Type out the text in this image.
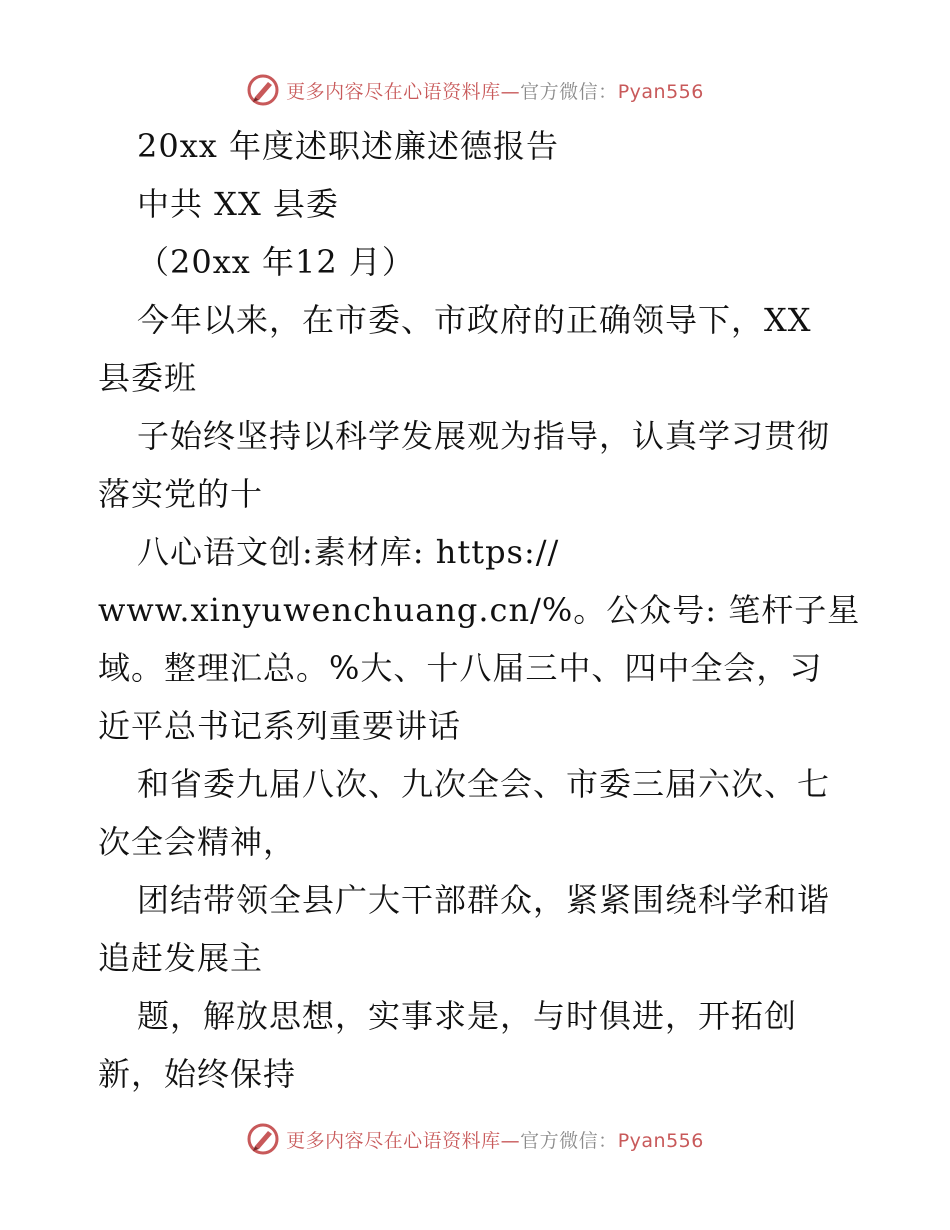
更多内容尽在心语资料库—官方微信：Pyan556
20xx 年度述职述廉述德报告
中共 XX 县委
（20xx 年12 月）
今年以来，在市委、市政府的正确领导下，XX
县委班
子始终坚持以科学发展观为指导，认真学习贯彻
落实党的十
八心语文创:素材库: https://
www.xinyuwenchuang.cn/%。公众号: 笔杆子星
域。整理汇总。%大、十八届三中、四中全会，习
近平总书记系列重要讲话
和省委九届八次、九次全会、市委三届六次、七
次全会精神，
团结带领全县广大干部群众，紧紧围绕科学和谐
追赶发展主
题，解放思想，实事求是，与时俱进，开拓创
新，始终保持
更多内容尽在心语资料库—官方微信：Pyan556
